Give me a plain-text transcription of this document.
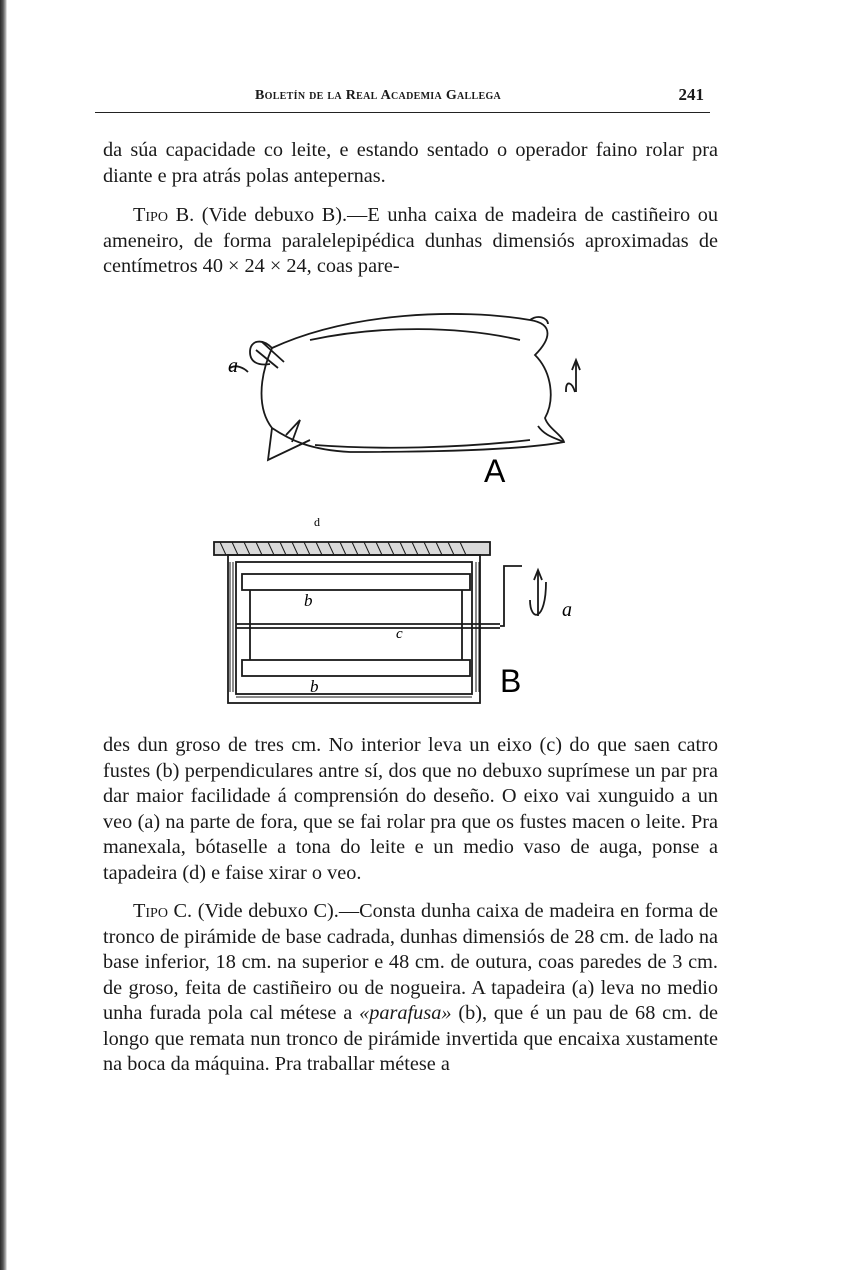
Boletín de la Real Academia Gallega	241

da súa capacidade co leite, e estando sentado o operador faino rolar pra diante e pra atrás polas antepernas.

Tipo B. (Vide debuxo B).—E unha caixa de madeira de castiñeiro ou ameneiro, de forma paralelepipédica dunhas dimensiós aproximadas de centímetros 40 × 24 × 24, coas pare-

a
A
d
b
c
b
a
B

des dun groso de tres cm. No interior leva un eixo (c) do que saen catro fustes (b) perpendiculares antre sí, dos que no debuxo suprímese un par pra dar maior facilidade á comprensión do deseño. O eixo vai xunguido a un veo (a) na parte de fora, que se fai rolar pra que os fustes macen o leite. Pra manexala, bótaselle a tona do leite e un medio vaso de auga, ponse a tapadeira (d) e faise xirar o veo.

Tipo C. (Vide debuxo C).—Consta dunha caixa de madeira en forma de tronco de pirámide de base cadrada, dunhas dimensiós de 28 cm. de lado na base inferior, 18 cm. na superior e 48 cm. de outura, coas paredes de 3 cm. de groso, feita de castiñeiro ou de nogueira. A tapadeira (a) leva no medio unha furada pola cal métese a «parafusa» (b), que é un pau de 68 cm. de longo que remata nun tronco de pirámide invertida que encaixa xustamente na boca da máquina. Pra traballar métese a
